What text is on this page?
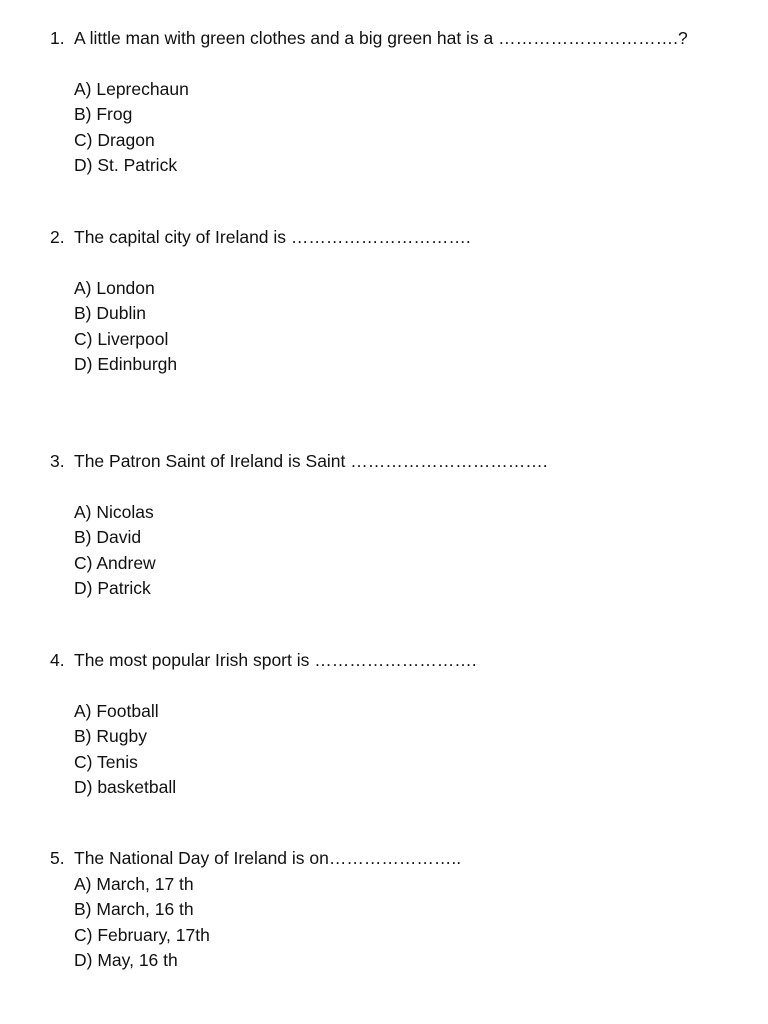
1. A little man with green clothes and a big green hat is a ………………………….?
A) Leprechaun
B) Frog
C) Dragon
D) St. Patrick
2. The capital city of Ireland is ………………………….
A) London
B) Dublin
C) Liverpool
D) Edinburgh
3. The Patron Saint of Ireland is Saint …………………………….
A) Nicolas
B) David
C) Andrew
D) Patrick
4. The most popular Irish sport is ……………………….
A) Football
B) Rugby
C) Tenis
D) basketball
5. The National Day of Ireland is on…………………..
A) March, 17 th
B) March, 16 th
C) February, 17th
D) May, 16 th
